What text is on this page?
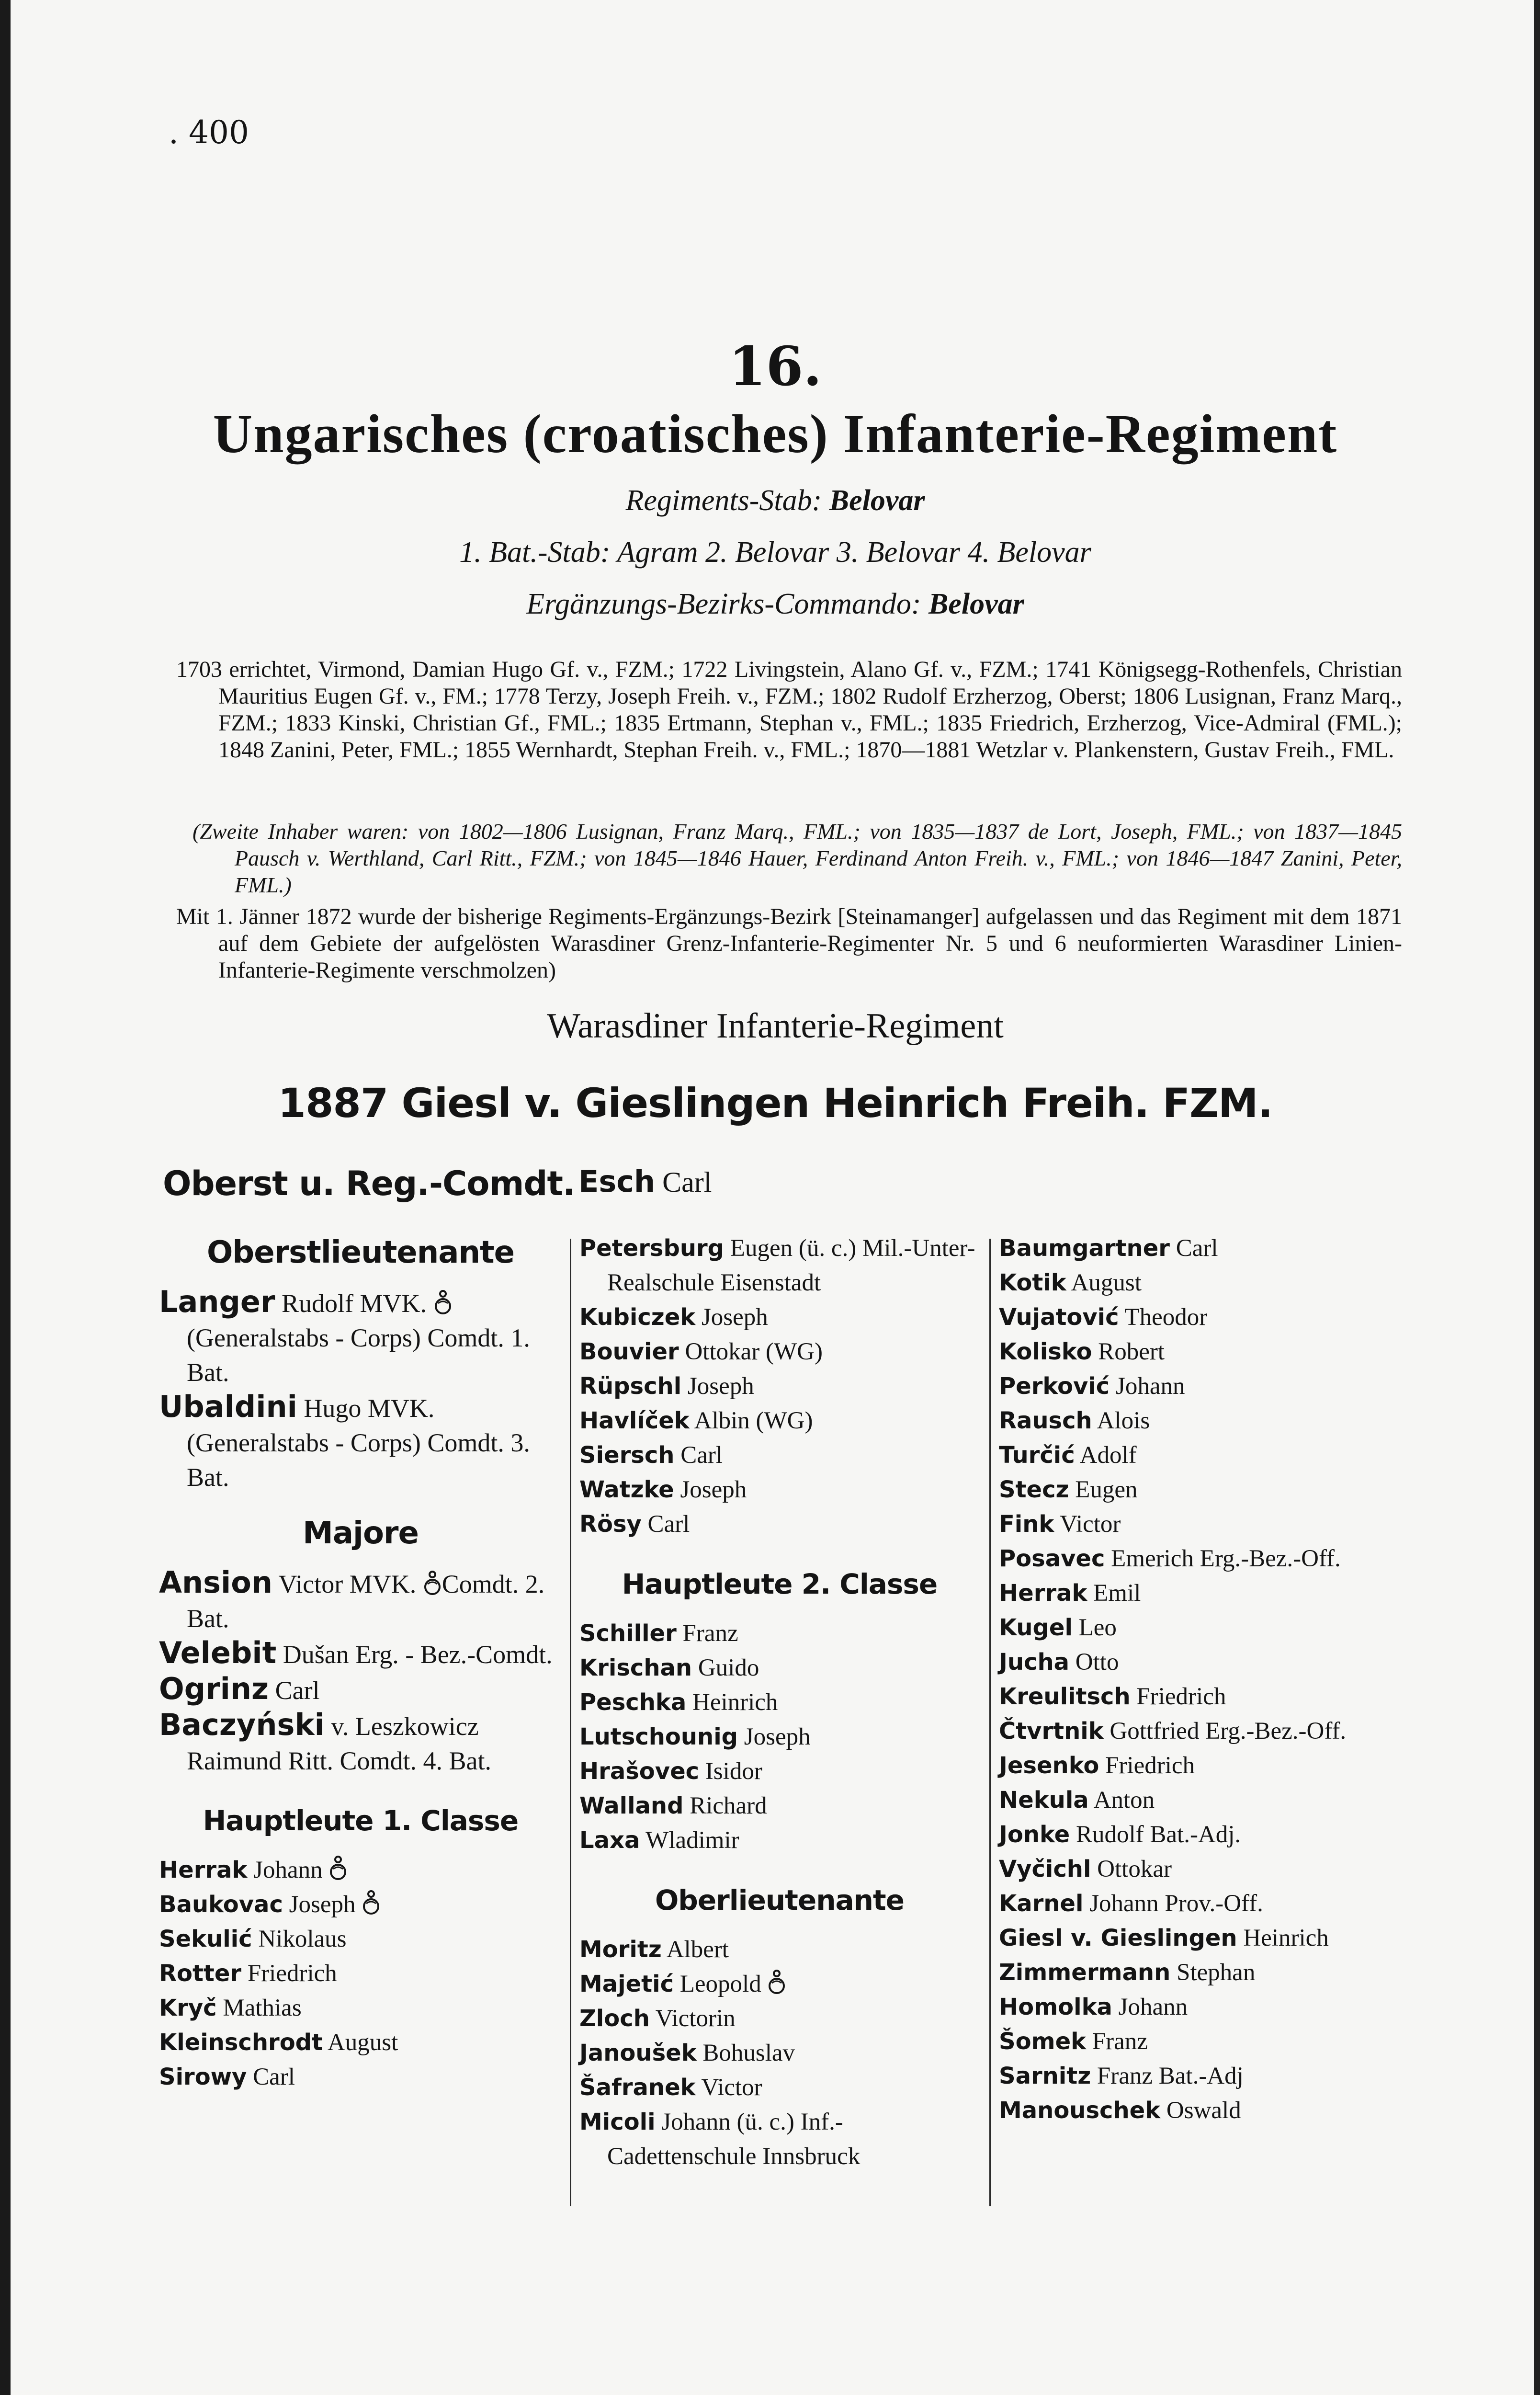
. 400
16.
Ungarisches (croatisches) Infanterie-Regiment
Regiments-Stab: Belovar
1. Bat.-Stab: Agram 2. Belovar 3. Belovar 4. Belovar
Ergänzungs-Bezirks-Commando: Belovar
1703 errichtet, Virmond, Damian Hugo Gf. v., FZM.; 1722 Livingstein, Alano Gf. v., FZM.; 1741 Königsegg-Rothenfels, Christian Mauritius Eugen Gf. v., FM.; 1778 Terzy, Joseph Freih. v., FZM.; 1802 Rudolf Erzherzog, Oberst; 1806 Lusignan, Franz Marq., FZM.; 1833 Kinski, Christian Gf., FML.; 1835 Ertmann, Stephan v., FML.; 1835 Friedrich, Erzherzog, Vice-Admiral (FML.); 1848 Zanini, Peter, FML.; 1855 Wernhardt, Stephan Freih. v., FML.; 1870—1881 Wetzlar v. Plankenstern, Gustav Freih., FML.
(Zweite Inhaber waren: von 1802—1806 Lusignan, Franz Marq., FML.; von 1835—1837 de Lort, Joseph, FML.; von 1837—1845 Pausch v. Werthland, Carl Ritt., FZM.; von 1845—1846 Hauer, Ferdinand Anton Freih. v., FML.; von 1846—1847 Zanini, Peter, FML.)
Mit 1. Jänner 1872 wurde der bisherige Regiments-Ergänzungs-Bezirk [Steinamanger] aufgelassen und das Regiment mit dem 1871 auf dem Gebiete der aufgelösten Warasdiner Grenz-Infanterie-Regimenter Nr. 5 und 6 neuformierten Warasdiner Linien-Infanterie-Regimente verschmolzen)
Warasdiner Infanterie-Regiment
1887 Giesl v. Gieslingen Heinrich Freih. FZM.
Oberst u. Reg.-Comdt. Esch Carl
Oberstlieutenante
Langer Rudolf MVK.  (Generalstabs - Corps) Comdt. 1. Bat.
Ubaldini Hugo MVK. (Generalstabs - Corps) Comdt. 3. Bat.
Majore
Ansion Victor MVK. Comdt. 2. Bat.
Velebit Dušan Erg. - Bez.-Comdt.
Ogrinz Carl
Baczyński v. Leszkowicz Raimund Ritt. Comdt. 4. Bat.
Hauptleute 1. Classe
Herrak Johann
Baukovac Joseph
Sekulić Nikolaus
Rotter Friedrich
Kryč Mathias
Kleinschrodt August
Sirowy Carl
Petersburg Eugen (ü. c.) Mil.-Unter-Realschule Eisenstadt
Kubiczek Joseph
Bouvier Ottokar (WG)
Rüpschl Joseph
Havlíček Albin (WG)
Siersch Carl
Watzke Joseph
Rösy Carl
Hauptleute 2. Classe
Schiller Franz
Krischan Guido
Peschka Heinrich
Lutschounig Joseph
Hrašovec Isidor
Walland Richard
Laxa Wladimir
Oberlieutenante
Moritz Albert
Majetić Leopold
Zloch Victorin
Janoušek Bohuslav
Šafranek Victor
Micoli Johann (ü. c.) Inf.-Cadettenschule Innsbruck
Baumgartner Carl
Kotik August
Vujatović Theodor
Kolisko Robert
Perković Johann
Rausch Alois
Turčić Adolf
Stecz Eugen
Fink Victor
Posavec Emerich Erg.-Bez.-Off.
Herrak Emil
Kugel Leo
Jucha Otto
Kreulitsch Friedrich
Čtvrtnik Gottfried Erg.-Bez.-Off.
Jesenko Friedrich
Nekula Anton
Jonke Rudolf Bat.-Adj.
Vyčichl Ottokar
Karnel Johann Prov.-Off.
Giesl v. Gieslingen Heinrich
Zimmermann Stephan
Homolka Johann
Šomek Franz
Sarnitz Franz Bat.-Adj
Manouschek Oswald
